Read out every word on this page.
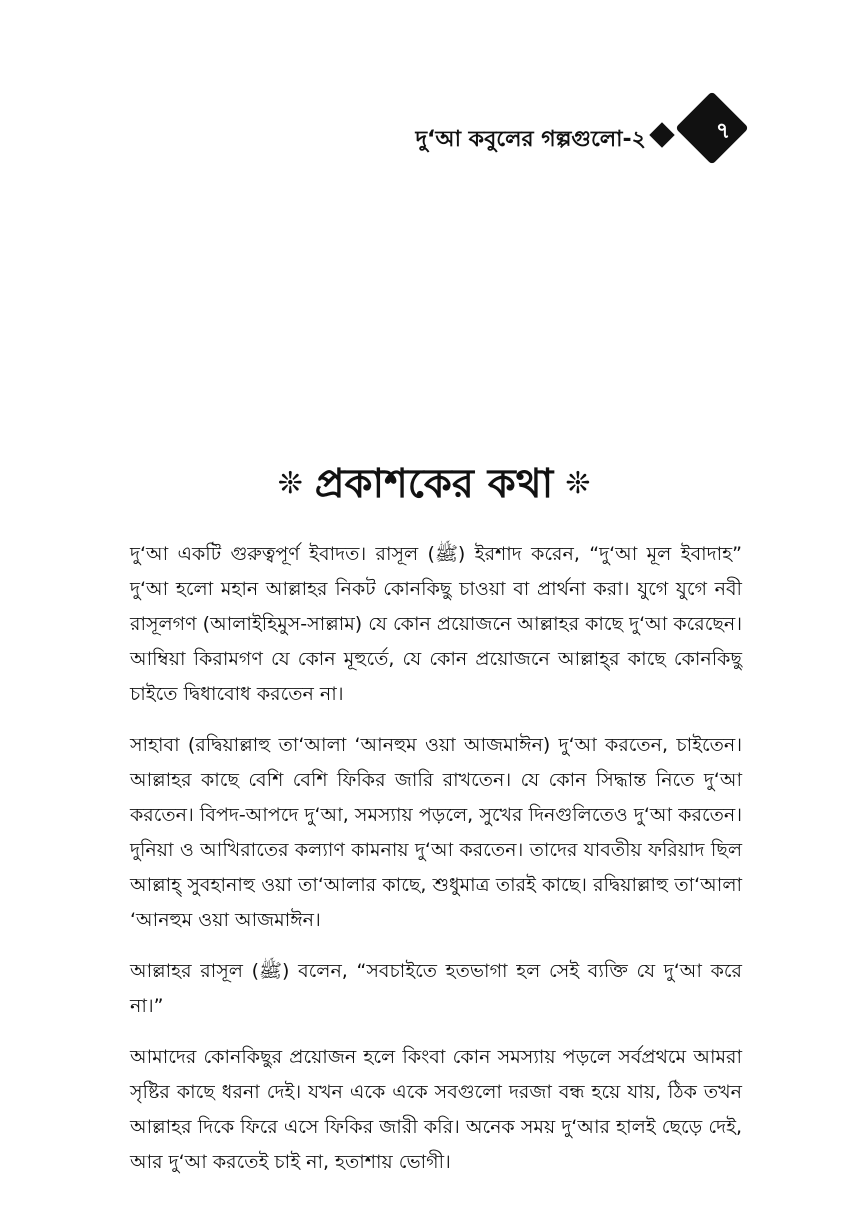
দু‘আ কবুলের গল্পগুলো-২	৭
❊ প্রকাশকের কথা ❊

দু‘আ একটি গুরুত্বপূর্ণ ইবাদত। রাসূল (ﷺ) ইরশাদ করেন, “দু‘আ মূল ইবাদাহ” দু‘আ হলো মহান আল্লাহর নিকট কোনকিছু চাওয়া বা প্রার্থনা করা। যুগে যুগে নবী রাসূলগণ (আলাইহিমুস-সাল্লাম) যে কোন প্রয়োজনে আল্লাহর কাছে দু‘আ করেছেন। আম্বিয়া কিরামগণ যে কোন মূহুর্তে, যে কোন প্রয়োজনে আল্লাহ্‌র কাছে কোনকিছু চাইতে দ্বিধাবোধ করতেন না।

সাহাবা (রদ্বিয়াল্লাহু তা‘আলা ‘আনহুম ওয়া আজমাঈন) দু‘আ করতেন, চাইতেন। আল্লাহর কাছে বেশি বেশি ফিকির জারি রাখতেন। যে কোন সিদ্ধান্ত নিতে দু‘আ করতেন। বিপদ-আপদে দু‘আ, সমস্যায় পড়লে, সুখের দিনগুলিতেও দু‘আ করতেন। দুনিয়া ও আখিরাতের কল্যাণ কামনায় দু‘আ করতেন। তাদের যাবতীয় ফরিয়াদ ছিল আল্লাহ্‌ সুবহানাহু ওয়া তা‘আলার কাছে, শুধুমাত্র তারই কাছে। রদ্বিয়াল্লাহু তা‘আলা ‘আনহুম ওয়া আজমাঈন।

আল্লাহর রাসূল (ﷺ) বলেন, “সবচাইতে হতভাগা হল সেই ব্যক্তি যে দু‘আ করে না।”

আমাদের কোনকিছুর প্রয়োজন হলে কিংবা কোন সমস্যায় পড়লে সর্বপ্রথমে আমরা সৃষ্টির কাছে ধরনা দেই। যখন একে একে সবগুলো দরজা বন্ধ হয়ে যায়, ঠিক তখন আল্লাহর দিকে ফিরে এসে ফিকির জারী করি। অনেক সময় দু‘আর হালই ছেড়ে দেই, আর দু‘আ করতেই চাই না, হতাশায় ভোগী।
